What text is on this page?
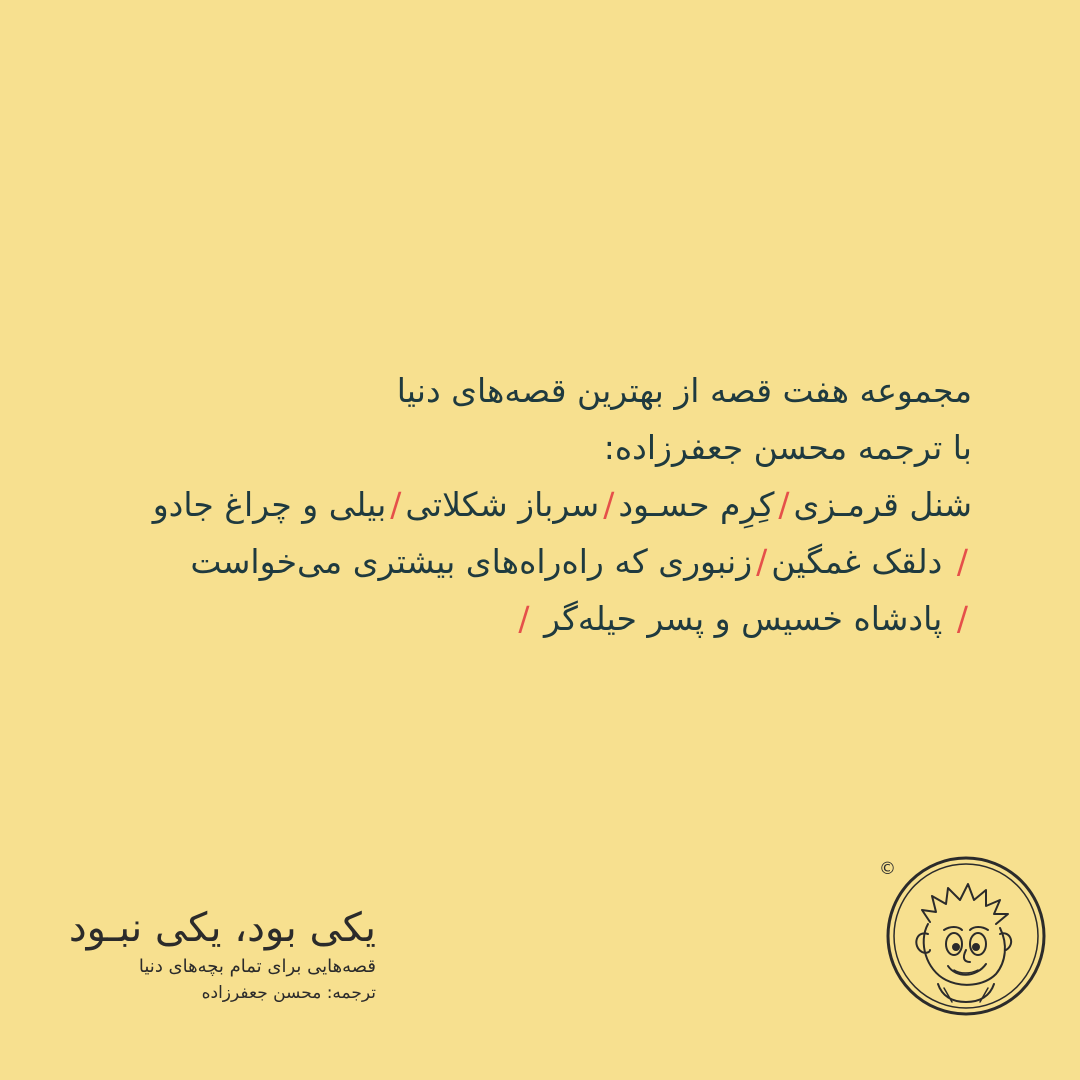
مجموعه هفت قصه از بهترین قصه‌های دنیا
با ترجمه محسن جعفرزاده:
شنل قرمـزی/کِرِم حسـود/سرباز شکلاتی/بیلی و چراغ جادو
/ دلقک غمگین/زنبوری که راه‌راه‌های بیشتری می‌خواست
/ پادشاه خسیس و پسر حیله‌گر /
یکی بود، یکی نبـود
قصه‌هایی برای تمام بچه‌های دنیا
ترجمه: محسن جعفرزاده
©
